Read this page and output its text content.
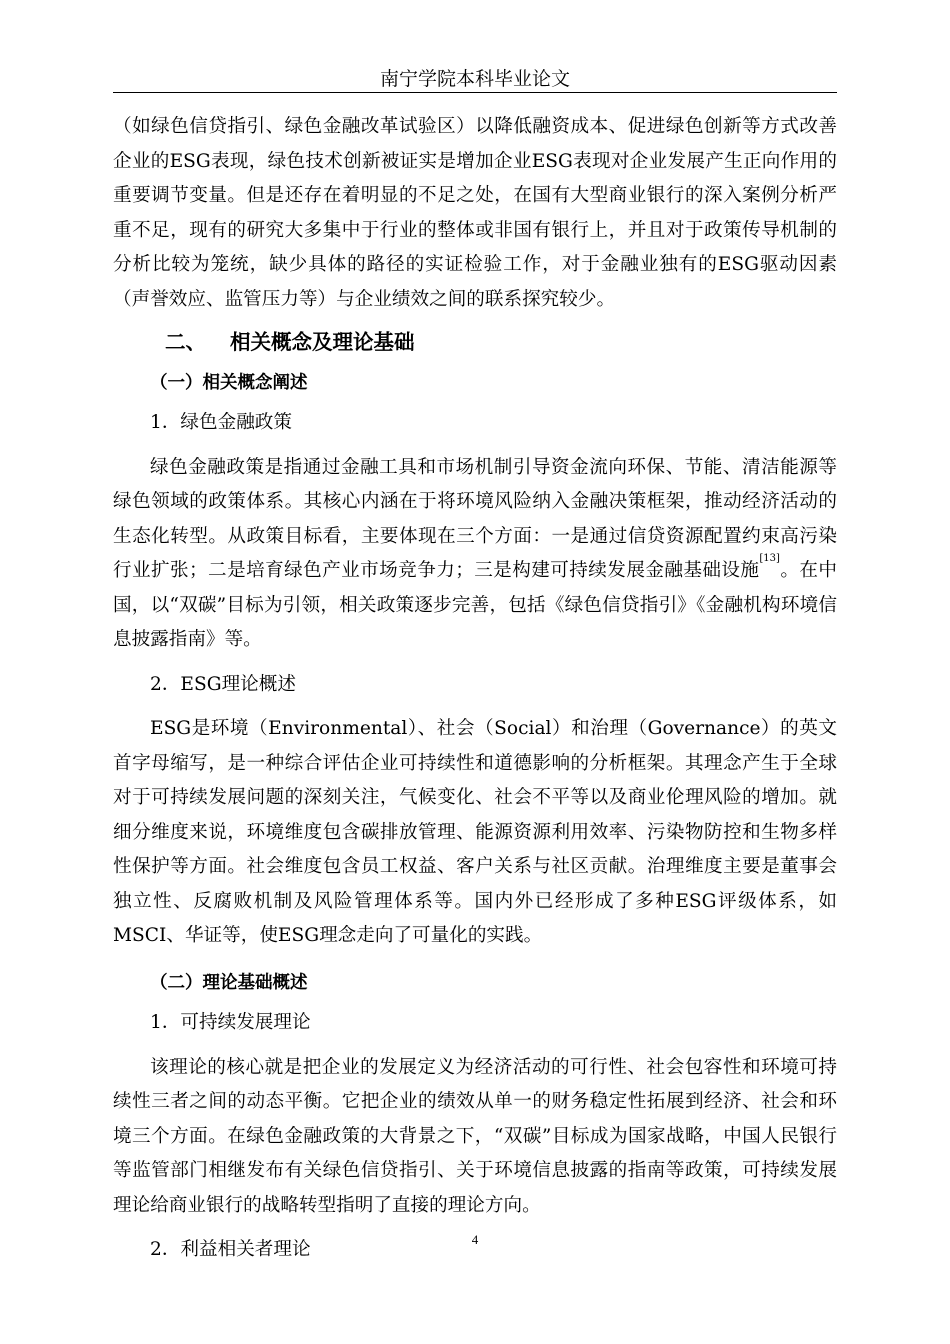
南宁学院本科毕业论文

（如绿色信贷指引、绿色金融改革试验区）以降低融资成本、促进绿色创新等方式改善企业的ESG表现，绿色技术创新被证实是增加企业ESG表现对企业发展产生正向作用的重要调节变量。但是还存在着明显的不足之处，在国有大型商业银行的深入案例分析严重不足，现有的研究大多集中于行业的整体或非国有银行上，并且对于政策传导机制的分析比较为笼统，缺少具体的路径的实证检验工作，对于金融业独有的ESG驱动因素（声誉效应、监管压力等）与企业绩效之间的联系探究较少。

二、 相关概念及理论基础
（一）相关概念阐述
1．绿色金融政策

绿色金融政策是指通过金融工具和市场机制引导资金流向环保、节能、清洁能源等绿色领域的政策体系。其核心内涵在于将环境风险纳入金融决策框架，推动经济活动的生态化转型。从政策目标看，主要体现在三个方面：一是通过信贷资源配置约束高污染行业扩张；二是培育绿色产业市场竞争力；三是构建可持续发展金融基础设施[13]。在中国，以“双碳”目标为引领，相关政策逐步完善，包括《绿色信贷指引》《金融机构环境信息披露指南》等。

2．ESG理论概述

ESG是环境（Environmental）、社会（Social）和治理（Governance）的英文首字母缩写，是一种综合评估企业可持续性和道德影响的分析框架。其理念产生于全球对于可持续发展问题的深刻关注，气候变化、社会不平等以及商业伦理风险的增加。就细分维度来说，环境维度包含碳排放管理、能源资源利用效率、污染物防控和生物多样性保护等方面。社会维度包含员工权益、客户关系与社区贡献。治理维度主要是董事会独立性、反腐败机制及风险管理体系等。国内外已经形成了多种ESG评级体系，如MSCI、华证等，使ESG理念走向了可量化的实践。

（二）理论基础概述
1．可持续发展理论

该理论的核心就是把企业的发展定义为经济活动的可行性、社会包容性和环境可持续性三者之间的动态平衡。它把企业的绩效从单一的财务稳定性拓展到经济、社会和环境三个方面。在绿色金融政策的大背景之下，“双碳”目标成为国家战略，中国人民银行等监管部门相继发布有关绿色信贷指引、关于环境信息披露的指南等政策，可持续发展理论给商业银行的战略转型指明了直接的理论方向。

2．利益相关者理论	4
